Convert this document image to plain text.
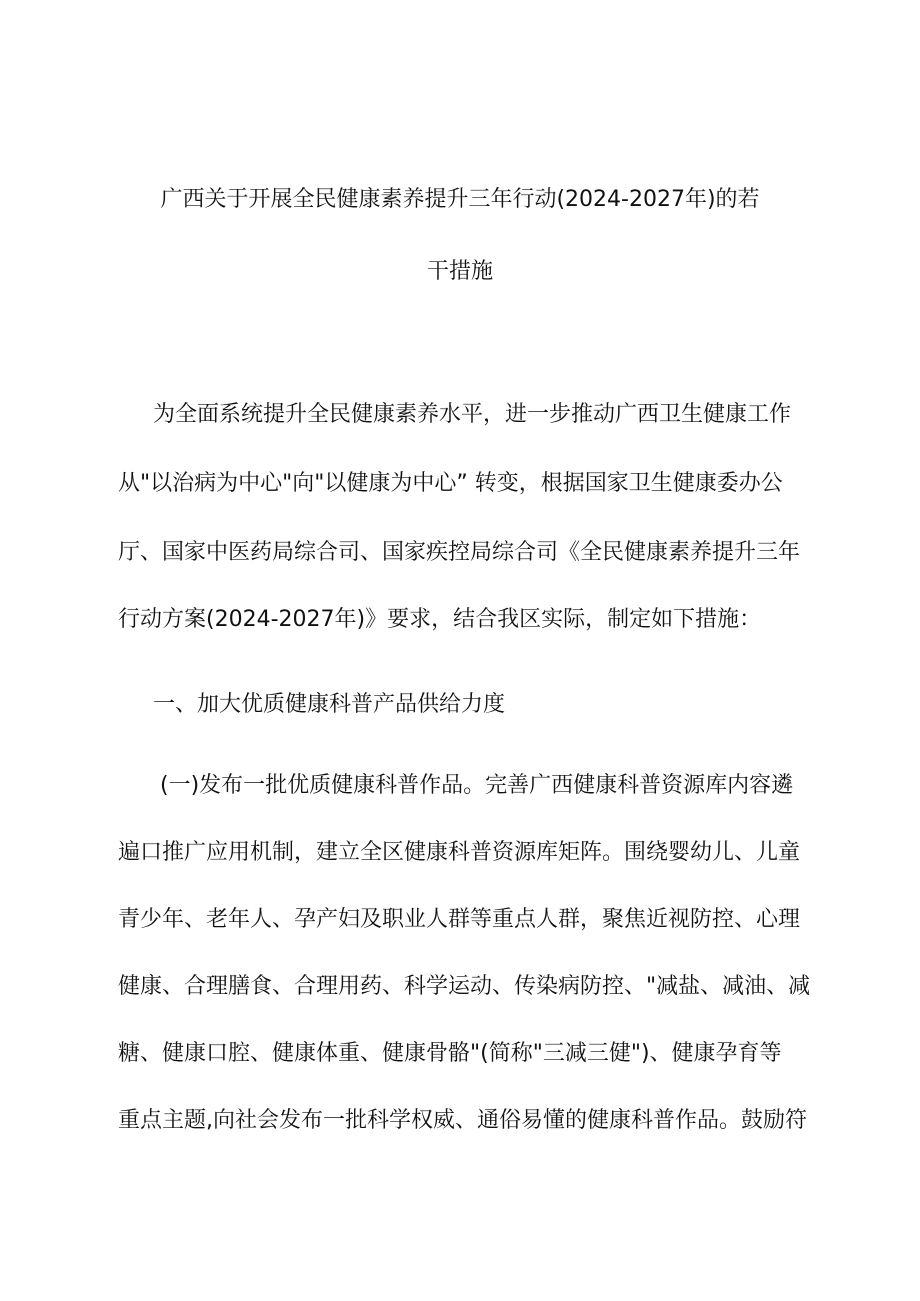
广西关于开展全民健康素养提升三年行动(2024-2027年)的若
干措施
为全面系统提升全民健康素养水平，进一步推动广西卫生健康工作
从"以治病为中心"向"以健康为中心” 转变，根据国家卫生健康委办公
厅、国家中医药局综合司、国家疾控局综合司《全民健康素养提升三年
行动方案(2024-2027年)》要求，结合我区实际，制定如下措施：
一、加大优质健康科普产品供给力度
(一)发布一批优质健康科普作品。完善广西健康科普资源库内容遴
遍口推广应用机制，建立全区健康科普资源库矩阵。围绕婴幼儿、儿童
青少年、老年人、孕产妇及职业人群等重点人群，聚焦近视防控、心理
健康、合理膳食、合理用药、科学运动、传染病防控、"减盐、减油、减
糖、健康口腔、健康体重、健康骨骼"(简称"三减三健")、健康孕育等
重点主题,向社会发布一批科学权威、通俗易懂的健康科普作品。鼓励符
